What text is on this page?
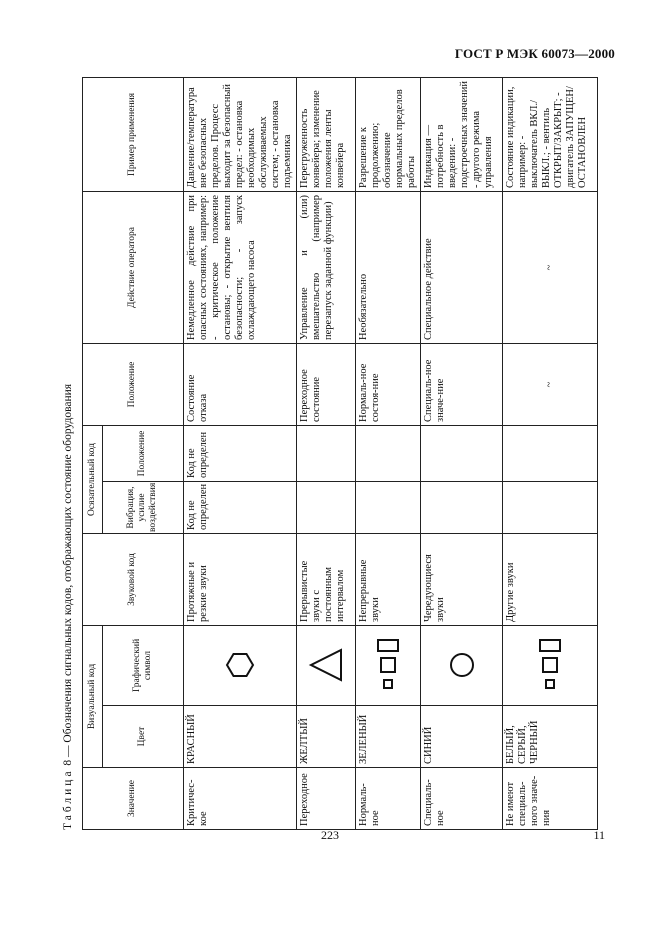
ГОСТ Р МЭК 60073—2000
Таблица 8 — Обозначения сигнальных кодов, отображающих состояние оборудования
Значение	Визуальный код		Звуковой код	Осязательный код		Положение	Действие оператора	Пример применения
	Цвет	Графический символ		Вибрация, усилие воздействия	Положение			

Критичес-кое	КРАСНЫЙ		Протяжные и резкие звуки	Код не определен	Код не определен	Состояние отказа	Немедленное действие при опасных состояниях, например: - критическое положение остановы; - открытие вентиля безопасности; - запуск охлаждающего насоса	Давление/температура вне безопасных пределов. Процесс выходит за безопасный предел: - остановка необходимых обслуживаемых систем; - остановка подъемника
Переходное	ЖЕЛТЫЙ		Прерывистые звуки с постоянным интервалом			Переходное состояние	Управление и (или) вмешательство (например перезапуск заданной функции)	Перегруженность конвейера; изменение положения ленты конвейера
Нормаль-ное	ЗЕЛЕНЫЙ		Непрерывные звуки			Нормаль-ное состоя-ние	Необязательно	Разрешение к продолжению; обозначение нормальных пределов работы
Специаль-ное	СИНИЙ		Чередующиеся звуки			Специаль-ное значе-ние	Специальное действие	Индикация — потребность в введении: - подстроечных значений - другого режима управления
Не имеют специаль-ного значе-ния	БЕЛЫЙ, СЕРЫЙ, ЧЕРНЫЙ		Другие звуки			~	~	Состояние индикации, например: - выключатель ВКЛ./ВЫКЛ.; - вентиль ОТКРЫТ/ЗАКРЫТ; - двигатель ЗАПУЩЕН/ОСТАНОВЛЕН
223	11
